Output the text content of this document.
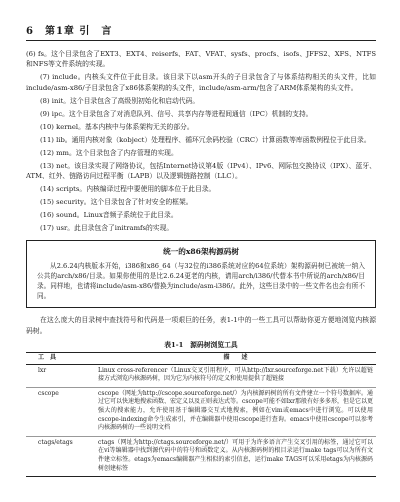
6 第1章 引　言

(6) fs。这个目录包含了EXT3、EXT4、reiserfs、FAT、VFAT、sysfs、procfs、isofs、JFFS2、XFS、NTFS和NFS等文件系统的实现。

(7) include。内核头文件位于此目录。该目录下以asm开头的子目录包含了与体系结构相关的头文件，比如include/asm-x86/子目录包含了x86体系架构的头文件，include/asm-arm/包含了ARM体系架构的头文件。

(8) init。这个目录包含了高级别初始化和启动代码。

(9) ipc。这个目录包含了对消息队列、信号、共享内存等进程间通信（IPC）机制的支持。

(10) kernel。基本内核中与体系架构无关的部分。

(11) lib。通用内核对象（kobject）处理程序、循环冗余码校验（CRC）计算函数等库函数例程位于此目录。

(12) mm。这个目录包含了内存管理的实现。

(13) net。该目录实现了网络协议，包括Internet协议第4版（IPv4）、IPv6、网际包交换协议（IPX）、蓝牙、ATM、红外、链路访问过程平衡（LAPB）以及逻辑链路控制（LLC）。

(14) scripts。内核编译过程中要使用的脚本位于此目录。

(15) security。这个目录包含了针对安全的框架。

(16) sound。Linux音频子系统位于此目录。

(17) usr。此目录包含了initramfs的实现。

统一的x86架构源码树
从2.6.24内核版本开始，i386和x86_64（与32位的i386系统对应的64位系统）架构源码树已被统一纳入公共的arch/x86/目录。如果你使用的是比2.6.24更老的内核，请用arch/i386/代替本书中所说的arch/x86/目录。同样地，也请将include/asm-x86/替换为include/asm-i386/。此外，这些目录中的一些文件名也会有所不同。

在这么庞大的目录树中查找符号和代码是一项艰巨的任务，表1-1中的一些工具可以帮助你更方便地浏览内核源码树。

表1-1　源码树浏览工具
工　具	描　　述
lxr	Linux cross-referencer（Linux交叉引用程序，可从http://lxr.sourceforge.net下载）允许以超链接方式浏览内核源码树，因为它为内核符号的定义和使用提供了超链接
cscope	cscope（网址为http://cscope.sourceforge.net/）为内核源码树的所有文件建立一个符号数据库。通过它可以快速地搜索函数、宏定义以及正则表达式等。cscope可能不如lxr那般有好多多形，但是它以更强大的搜索能力，允许使用基于编辑器交互式地搜索，例如在vim或emacs中进行浏览。可以使用cscope-indexing命令生成索引，并在编辑器中使用cscope进行查询。emacs中使用cscope可以参考内核源码树的一些说明文档
ctags/etags	ctags（网址为http://ctags.sourceforge.net/）可用于为许多语言产生交叉引用的标签，通过它可以在vi等编辑器中找到源代码中的符号和函数定义。从内核源码树的根目录运行make tags可以为所有文件建立标签。etags为emacs编辑器产生相似的索引信息，运行make TAGS可以采用etags为内核源码树创建标签
